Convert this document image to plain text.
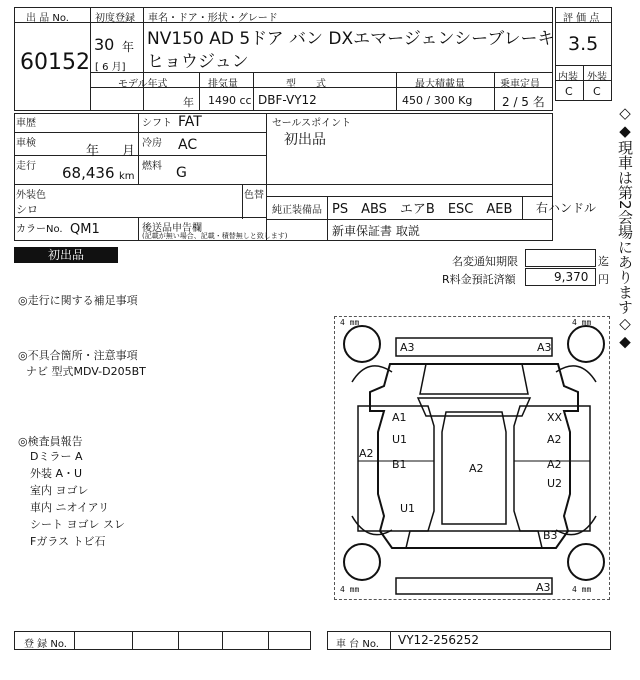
出 品 No.
60152
初度登録
30 年
[ 6 月]
車名・ドア・形状・グレード
NV150 AD 5ドア バン DXエマージェンシーブレーキ
ヒョウジュン
評 価 点
3.5
内装 外装
C C
モデル年式
年
排気量
1490 cc
型　　式
DBF-VY12
最大積載量
450 / 300 Kg
乗車定員
2 / 5 名
車歴
車検
年 月
走行 68,436 km
シフト FAT
冷房 AC
燃料 G
セールスポイント
初出品
外装色
シロ
色替
純正装備品 PS　ABS　エアB　ESC　AEB 右ハンドル
カラーNo. QM1	後送品申告欄
(記載が無い場合、記載・積替無しと致します)	新車保証書 取説	◇◆現車は第2会場にあります◇◆
初出品	名変通知期限	迄
R料金預託済額	9,370 円
◎走行に関する補足事項
◎不具合箇所・注意事項
ナビ 型式MDV-D205BT
◎検査員報告
Dミラー A
外装 A・U
室内 ヨゴレ
車内 ニオイアリ
シート ヨゴレ スレ
Fガラス トビ石
4 mm	4 mm
4 mm	4 mm
A3	A3
A1
U1
A2
B1	A2
XX
A2
A2
U2
U1
B3
A3
登 録 No.	車 台 No. VY12-256252
